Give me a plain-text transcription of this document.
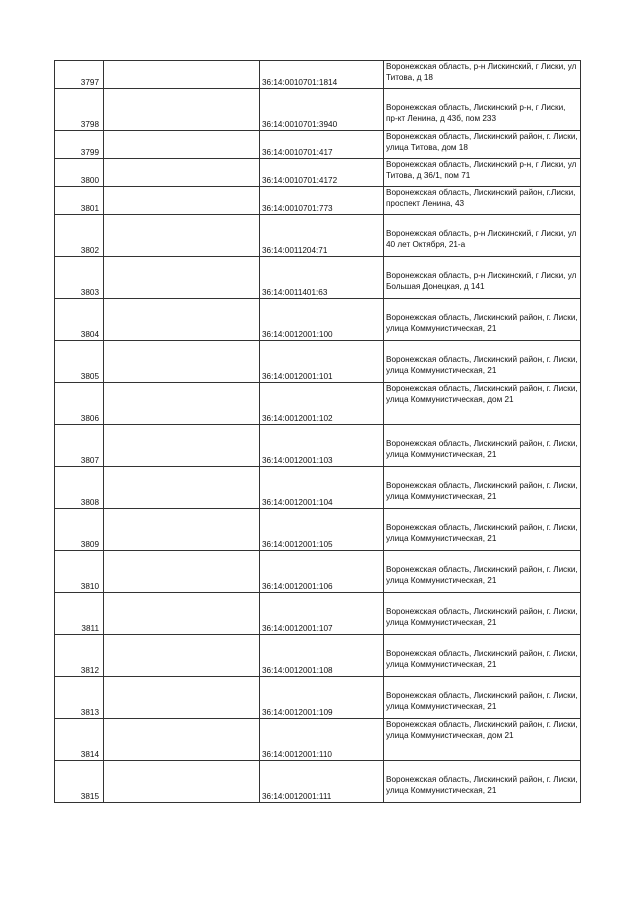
3797		36:14:0010701:1814	Воронежская область, р-н Лискинский, г Лиски, ул Титова, д 18
3798		36:14:0010701:3940	Воронежская область, Лискинский р-н, г Лиски, пр-кт Ленина, д 43б, пом 233
3799		36:14:0010701:417	Воронежская область, Лискинский район, г. Лиски, улица Титова, дом 18
3800		36:14:0010701:4172	Воронежская область, Лискинский р-н, г Лиски, ул Титова, д 36/1, пом 71
3801		36:14:0010701:773	Воронежская область, Лискинский район, г.Лиски, проспект Ленина, 43
3802		36:14:0011204:71	Воронежская область, р-н Лискинский, г Лиски, ул 40 лет Октября, 21-а
3803		36:14:0011401:63	Воронежская область, р-н Лискинский, г Лиски, ул Большая Донецкая, д 141
3804		36:14:0012001:100	Воронежская область, Лискинский район, г. Лиски, улица Коммунистическая, 21
3805		36:14:0012001:101	Воронежская область, Лискинский район, г. Лиски, улица Коммунистическая, 21
3806		36:14:0012001:102	Воронежская область, Лискинский район, г. Лиски, улица Коммунистическая, дом 21
3807		36:14:0012001:103	Воронежская область, Лискинский район, г. Лиски, улица Коммунистическая, 21
3808		36:14:0012001:104	Воронежская область, Лискинский район, г. Лиски, улица Коммунистическая, 21
3809		36:14:0012001:105	Воронежская область, Лискинский район, г. Лиски, улица Коммунистическая, 21
3810		36:14:0012001:106	Воронежская область, Лискинский район, г. Лиски, улица Коммунистическая, 21
3811		36:14:0012001:107	Воронежская область, Лискинский район, г. Лиски, улица Коммунистическая, 21
3812		36:14:0012001:108	Воронежская область, Лискинский район, г. Лиски, улица Коммунистическая, 21
3813		36:14:0012001:109	Воронежская область, Лискинский район, г. Лиски, улица Коммунистическая, 21
3814		36:14:0012001:110	Воронежская область, Лискинский район, г. Лиски, улица Коммунистическая, дом 21
3815		36:14:0012001:111	Воронежская область, Лискинский район, г. Лиски, улица Коммунистическая, 21
